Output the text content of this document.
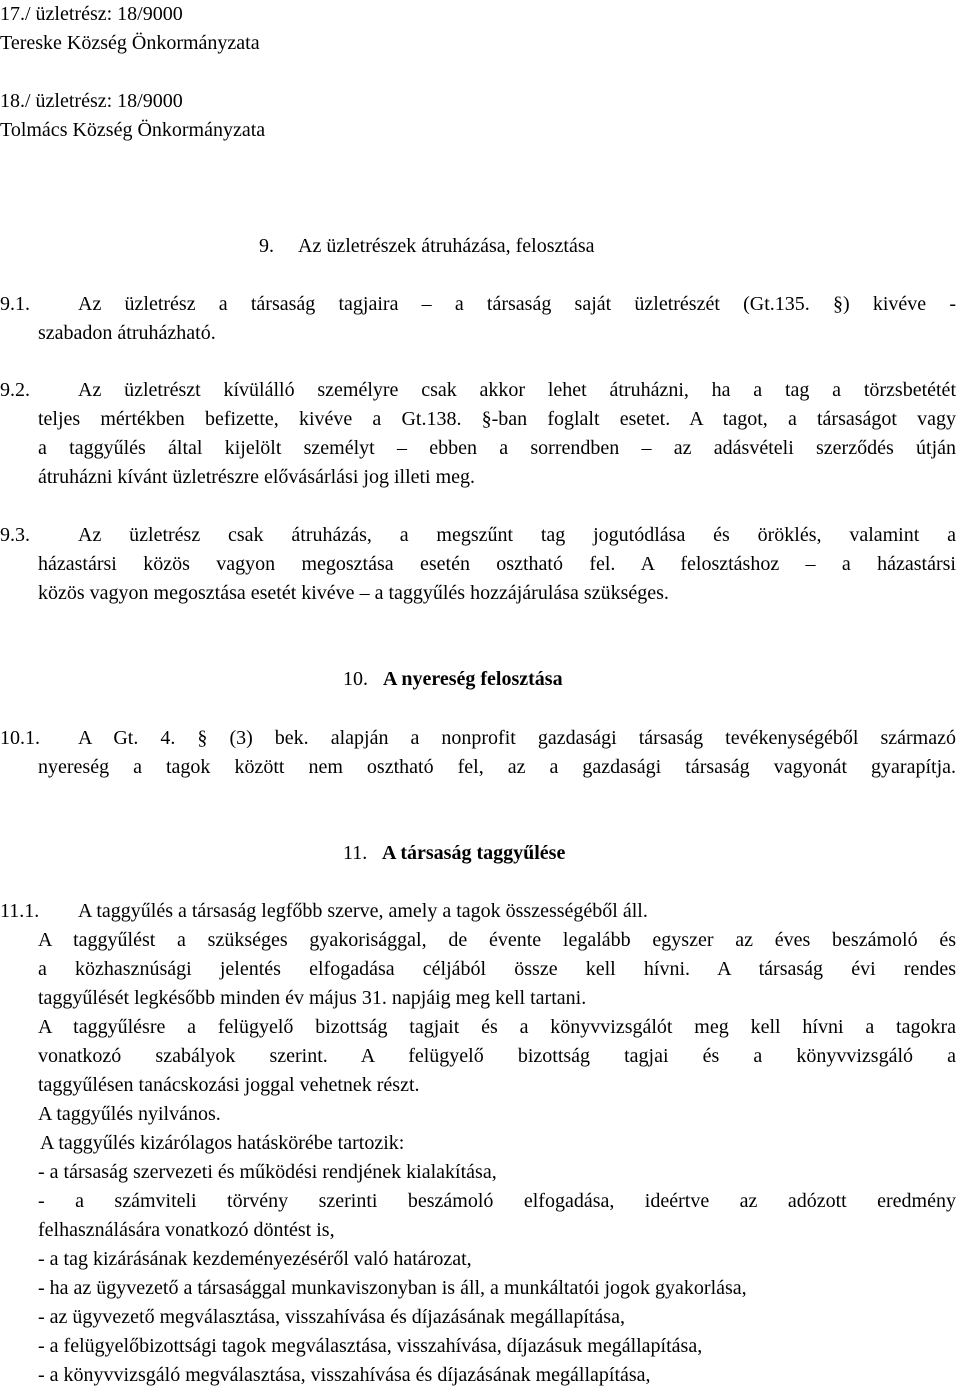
17./ üzletrész: 18/9000
Tereske Község Önkormányzata
18./ üzletrész: 18/9000
Tolmács Község Önkormányzata
9. Az üzletrészek átruházása, felosztása
9.1. Az üzletrész a társaság tagjaira – a társaság saját üzletrészét (Gt.135. §) kivéve -
szabadon átruházható.
9.2. Az üzletrészt kívülálló személyre csak akkor lehet átruházni, ha a tag a törzsbetétét
teljes mértékben befizette, kivéve a Gt.138. §-ban foglalt esetet. A tagot, a társaságot vagy
a taggyűlés által kijelölt személyt – ebben a sorrendben – az adásvételi szerződés útján
átruházni kívánt üzletrészre elővásárlási jog illeti meg.
9.3. Az üzletrész csak átruházás, a megszűnt tag jogutódlása és öröklés, valamint a
házastársi közös vagyon megosztása esetén osztható fel. A felosztáshoz – a házastársi
közös vagyon megosztása esetét kivéve – a taggyűlés hozzájárulása szükséges.
10. A nyereség felosztása
10.1. A Gt. 4. § (3) bek. alapján a nonprofit gazdasági társaság tevékenységéből származó
nyereség a tagok között nem osztható fel, az a gazdasági társaság vagyonát gyarapítja.
11. A társaság taggyűlése
11.1. A taggyűlés a társaság legfőbb szerve, amely a tagok összességéből áll.
A taggyűlést a szükséges gyakorisággal, de évente legalább egyszer az éves beszámoló és
a közhasznúsági jelentés elfogadása céljából össze kell hívni. A társaság évi rendes
taggyűlését legkésőbb minden év május 31. napjáig meg kell tartani.
A taggyűlésre a felügyelő bizottság tagjait és a könyvvizsgálót meg kell hívni a tagokra
vonatkozó szabályok szerint. A felügyelő bizottság tagjai és a könyvvizsgáló a
taggyűlésen tanácskozási joggal vehetnek részt.
A taggyűlés nyilvános.
A taggyűlés kizárólagos hatáskörébe tartozik:
- a társaság szervezeti és működési rendjének kialakítása,
- a számviteli törvény szerinti beszámoló elfogadása, ideértve az adózott eredmény
felhasználására vonatkozó döntést is,
- a tag kizárásának kezdeményezéséről való határozat,
- ha az ügyvezető a társasággal munkaviszonyban is áll, a munkáltatói jogok gyakorlása,
- az ügyvezető megválasztása, visszahívása és díjazásának megállapítása,
- a felügyelőbizottsági tagok megválasztása, visszahívása, díjazásuk megállapítása,
- a könyvvizsgáló megválasztása, visszahívása és díjazásának megállapítása,
